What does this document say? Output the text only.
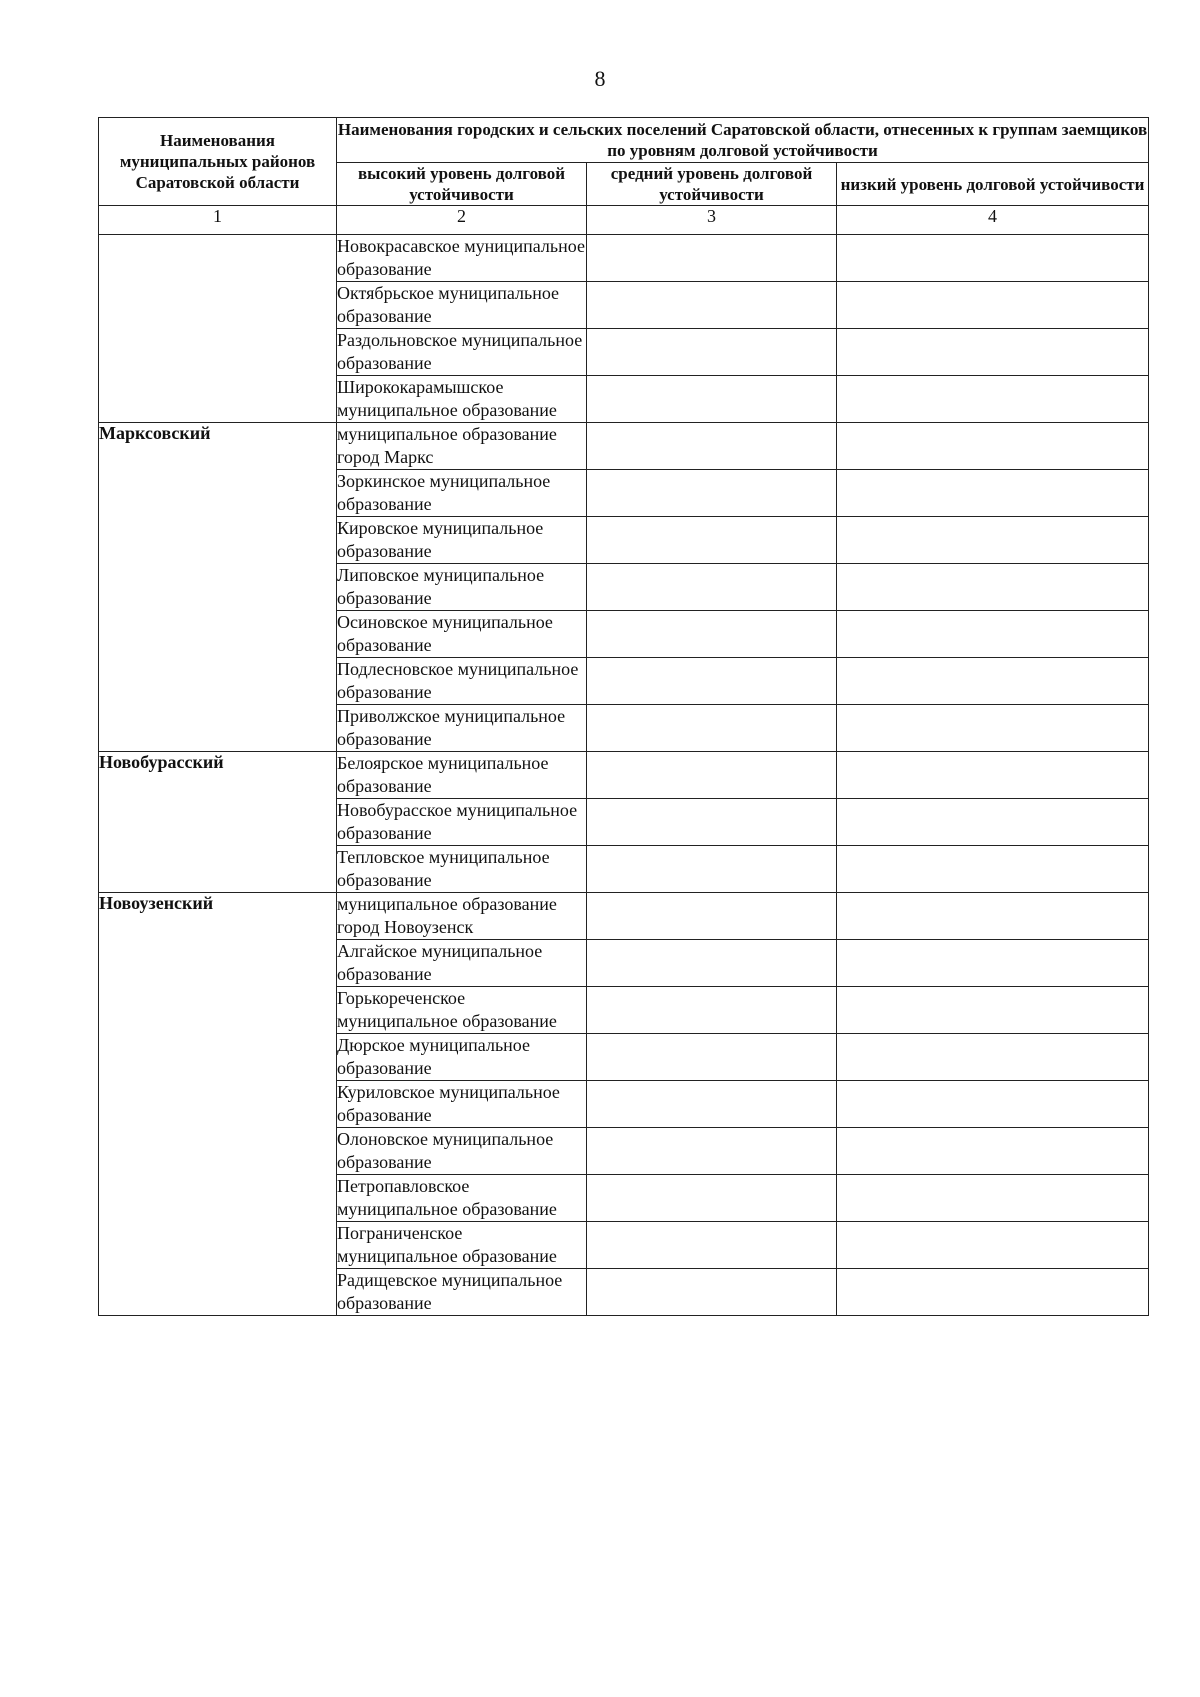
8
Наименования муниципальных районов Саратовской области	Наименования городских и сельских поселений Саратовской области, отнесенных к группам заемщиков по уровням долговой устойчивости		
	высокий уровень долговой устойчивости	средний уровень долговой устойчивости	низкий уровень долговой устойчивости
1	2	3	4
	Новокрасавское муниципальное образование		
	Октябрьское муниципальное образование		
	Раздольновское муниципальное образование		
	Ширококарамышское муниципальное образование		
Марксовский	муниципальное образование город Маркс		
	Зоркинское муниципальное образование		
	Кировское муниципальное образование		
	Липовское муниципальное образование		
	Осиновское муниципальное образование		
	Подлесновское муниципальное образование		
	Приволжское муниципальное образование		
Новобурасский	Белоярское муниципальное образование		
	Новобурасское муниципальное образование		
	Тепловское муниципальное образование		
Новоузенский	муниципальное образование город Новоузенск		
	Алгайское муниципальное образование		
	Горькореченское муниципальное образование		
	Дюрское муниципальное образование		
	Куриловское муниципальное образование		
	Олоновское муниципальное образование		
	Петропавловское муниципальное образование		
	Пограниченское муниципальное образование		
	Радищевское муниципальное образование		
